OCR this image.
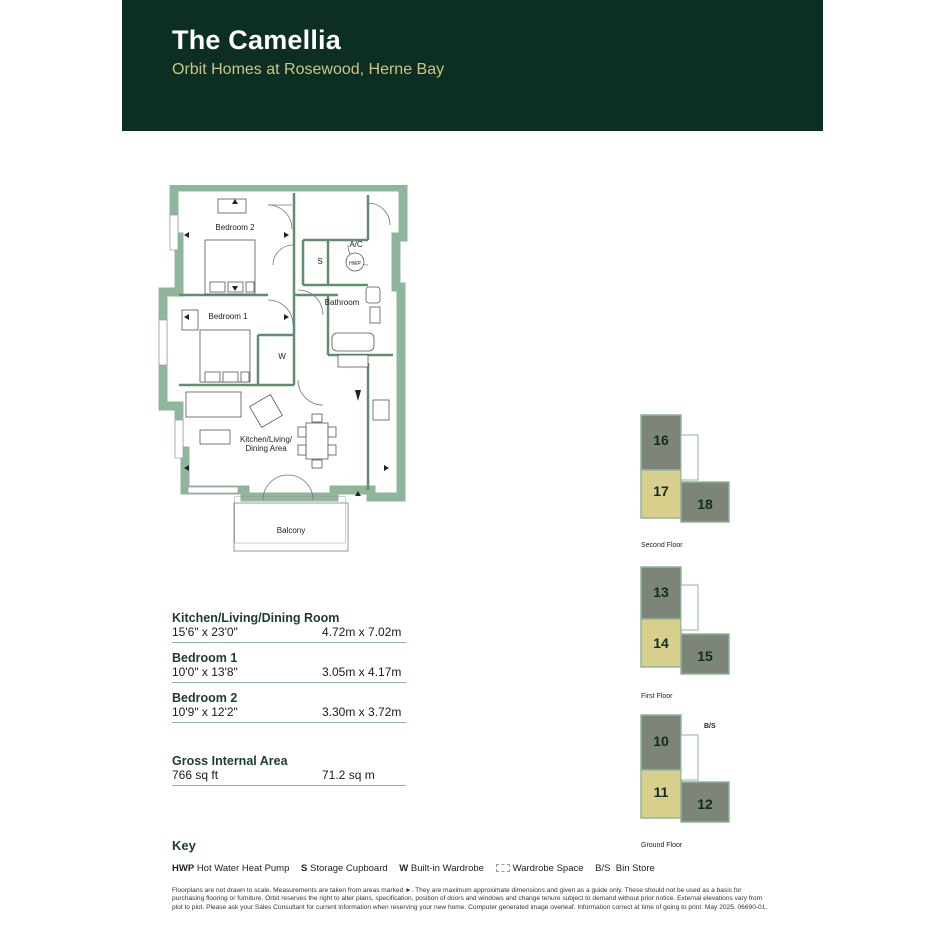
The Camellia
Orbit Homes at Rosewood, Herne Bay
Bedroom 2
A/C
S	HWP
Bathroom
Bedroom 1
W
Kitchen/Living/
Dining Area
Balcony
Kitchen/Living/Dining Room
15'6" x 23'0"	4.72m x 7.02m
Bedroom 1
10'0" x 13'8"	3.05m x 4.17m
Bedroom 2
10'9" x 12'2"	3.30m x 3.72m
Gross Internal Area
766 sq ft	71.2 sq m
16
17
18
Second Floor
13
14
15
First Floor
B/S
10
11
12
Ground Floor
Key
HWP Hot Water Heat Pump S Storage Cupboard W Built-in Wardrobe	Wardrobe Space B/S Bin Store
Floorplans are not drawn to scale. Measurements are taken from areas marked ►. They are maximum approximate dimensions and given as a guide only. These should not be used as a basis for purchasing flooring or furniture. Orbit reserves the right to alter plans, specification, position of doors and windows and change tenure subject to demand without prior notice. External elevations vary from plot to plot. Please ask your Sales Consultant for current information when reserving your new home. Computer generated image overleaf. Information correct at time of going to print. May 2025. 06690-01.
